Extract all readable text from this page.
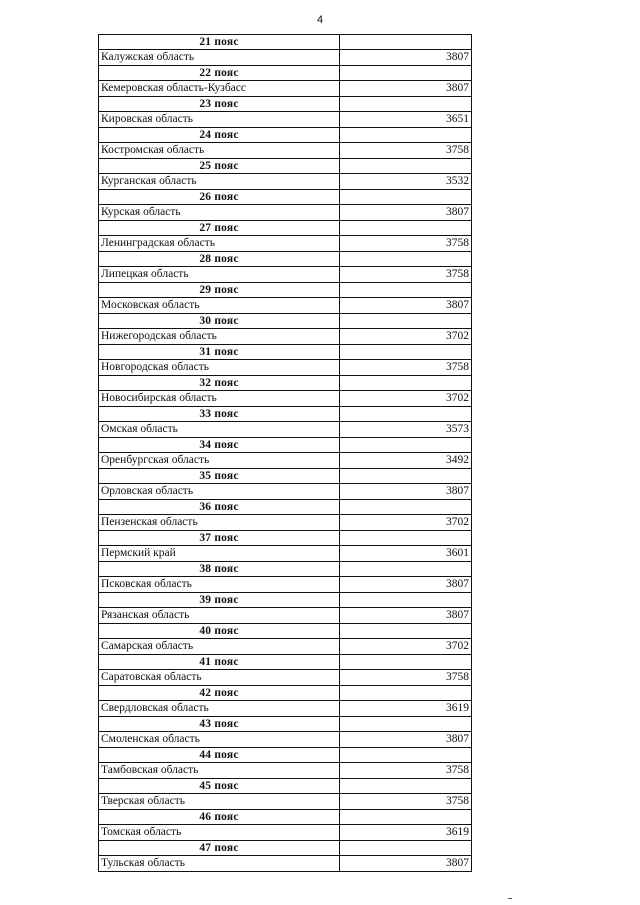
4
21 пояс	
Калужская область	3807
22 пояс	
Кемеровская область-Кузбасс	3807
23 пояс	
Кировская область	3651
24 пояс	
Костромская область	3758
25 пояс	
Курганская область	3532
26 пояс	
Курская область	3807
27 пояс	
Ленинградская область	3758
28 пояс	
Липецкая область	3758
29 пояс	
Московская область	3807
30 пояс	
Нижегородская область	3702
31 пояс	
Новгородская область	3758
32 пояс	
Новосибирская область	3702
33 пояс	
Омская область	3573
34 пояс	
Оренбургская область	3492
35 пояс	
Орловская область	3807
36 пояс	
Пензенская область	3702
37 пояс	
Пермский край	3601
38 пояс	
Псковская область	3807
39 пояс	
Рязанская область	3807
40 пояс	
Самарская область	3702
41 пояс	
Саратовская область	3758
42 пояс	
Свердловская область	3619
43 пояс	
Смоленская область	3807
44 пояс	
Тамбовская область	3758
45 пояс	
Тверская область	3758
46 пояс	
Томская область	3619
47 пояс	
Тульская область	3807
